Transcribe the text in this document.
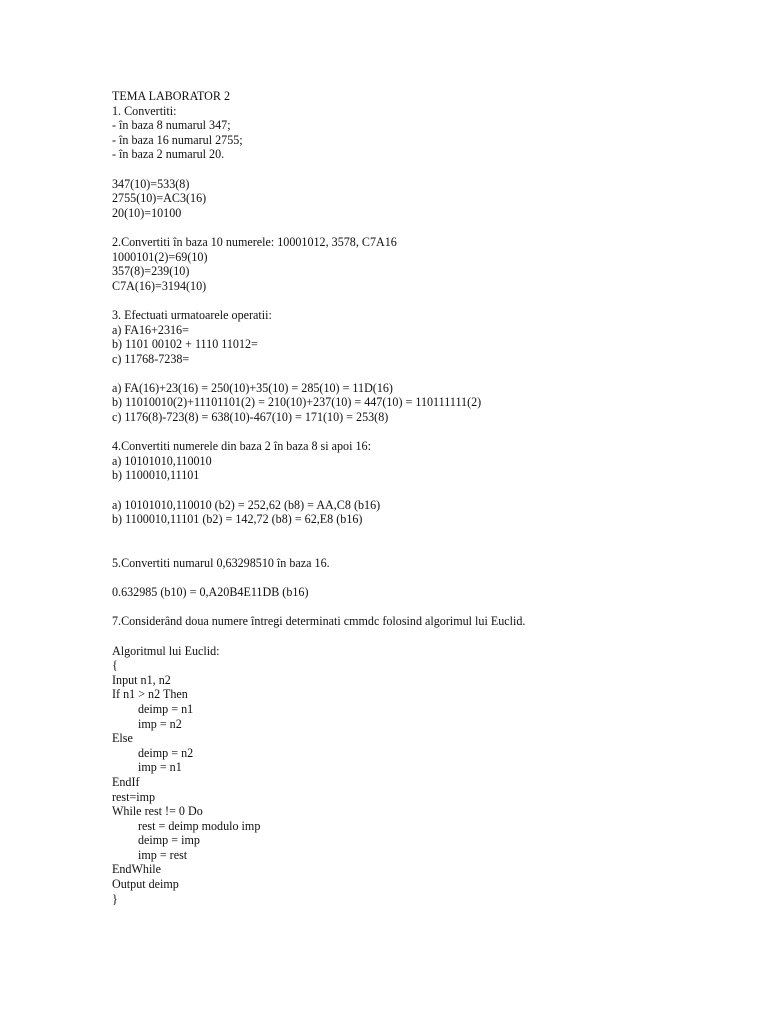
TEMA LABORATOR 2
1. Convertiti:
- în baza 8 numarul 347;
- în baza 16 numarul 2755;
- în baza 2 numarul 20.
347(10)=533(8)
2755(10)=AC3(16)
20(10)=10100
2.Convertiti în baza 10 numerele: 10001012, 3578, C7A16
1000101(2)=69(10)
357(8)=239(10)
C7A(16)=3194(10)
3. Efectuati urmatoarele operatii:
a) FA16+2316=
b) 1101 00102 + 1110 11012=
c) 11768-7238=
a) FA(16)+23(16) = 250(10)+35(10) = 285(10) = 11D(16)
b) 11010010(2)+11101101(2) = 210(10)+237(10) = 447(10) = 110111111(2)
c) 1176(8)-723(8) = 638(10)-467(10) = 171(10) = 253(8)
4.Convertiti numerele din baza 2 în baza 8 si apoi 16:
a) 10101010,110010
b) 1100010,11101
a) 10101010,110010 (b2) = 252,62 (b8) = AA,C8 (b16)
b) 1100010,11101 (b2) = 142,72 (b8) = 62,E8 (b16)
5.Convertiti numarul 0,63298510 în baza 16.
0.632985 (b10) = 0,A20B4E11DB (b16)
7.Considerând doua numere întregi determinati cmmdc folosind algorimul lui Euclid.
Algoritmul lui Euclid:
{
Input n1, n2
If n1 > n2 Then
deimp = n1
imp = n2
Else
deimp = n2
imp = n1
EndIf
rest=imp
While rest != 0 Do
rest = deimp modulo imp
deimp = imp
imp = rest
EndWhile
Output deimp
}
